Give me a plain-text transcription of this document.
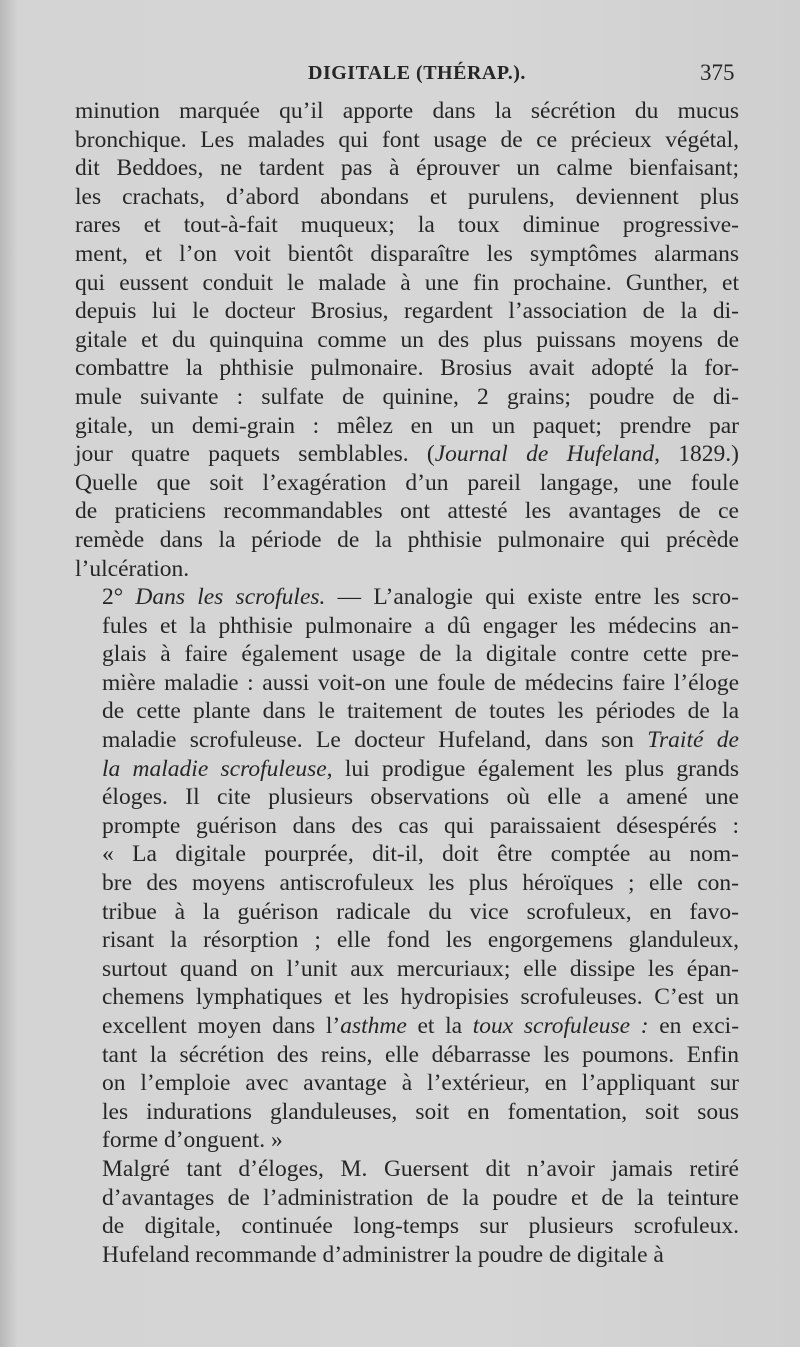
DIGITALE (THÉRAP.).	375

minution marquée qu’il apporte dans la sécrétion du mucus
bronchique. Les malades qui font usage de ce précieux végétal,
dit Beddoes, ne tardent pas à éprouver un calme bienfaisant;
les crachats, d’abord abondans et purulens, deviennent plus
rares et tout-à-fait muqueux; la toux diminue progressive-
ment, et l’on voit bientôt disparaître les symptômes alarmans
qui eussent conduit le malade à une fin prochaine. Gunther, et
depuis lui le docteur Brosius, regardent l’association de la di-
gitale et du quinquina comme un des plus puissans moyens de
combattre la phthisie pulmonaire. Brosius avait adopté la for-
mule suivante : sulfate de quinine, 2 grains; poudre de di-
gitale, un demi-grain : mêlez en un un paquet; prendre par
jour quatre paquets semblables. (Journal de Hufeland, 1829.)
Quelle que soit l’exagération d’un pareil langage, une foule
de praticiens recommandables ont attesté les avantages de ce
remède dans la période de la phthisie pulmonaire qui précède
l’ulcération.

2° Dans les scrofules. — L’analogie qui existe entre les scro-
fules et la phthisie pulmonaire a dû engager les médecins an-
glais à faire également usage de la digitale contre cette pre-
mière maladie : aussi voit-on une foule de médecins faire l’éloge
de cette plante dans le traitement de toutes les périodes de la
maladie scrofuleuse. Le docteur Hufeland, dans son Traité de
la maladie scrofuleuse, lui prodigue également les plus grands
éloges. Il cite plusieurs observations où elle a amené une
prompte guérison dans des cas qui paraissaient désespérés :
« La digitale pourprée, dit-il, doit être comptée au nom-
bre des moyens antiscrofuleux les plus héroïques ; elle con-
tribue à la guérison radicale du vice scrofuleux, en favo-
risant la résorption ; elle fond les engorgemens glanduleux,
surtout quand on l’unit aux mercuriaux; elle dissipe les épan-
chemens lymphatiques et les hydropisies scrofuleuses. C’est un
excellent moyen dans l’asthme et la toux scrofuleuse : en exci-
tant la sécrétion des reins, elle débarrasse les poumons. Enfin
on l’emploie avec avantage à l’extérieur, en l’appliquant sur
les indurations glanduleuses, soit en fomentation, soit sous
forme d’onguent. »

Malgré tant d’éloges, M. Guersent dit n’avoir jamais retiré
d’avantages de l’administration de la poudre et de la teinture
de digitale, continuée long-temps sur plusieurs scrofuleux.
Hufeland recommande d’administrer la poudre de digitale à
